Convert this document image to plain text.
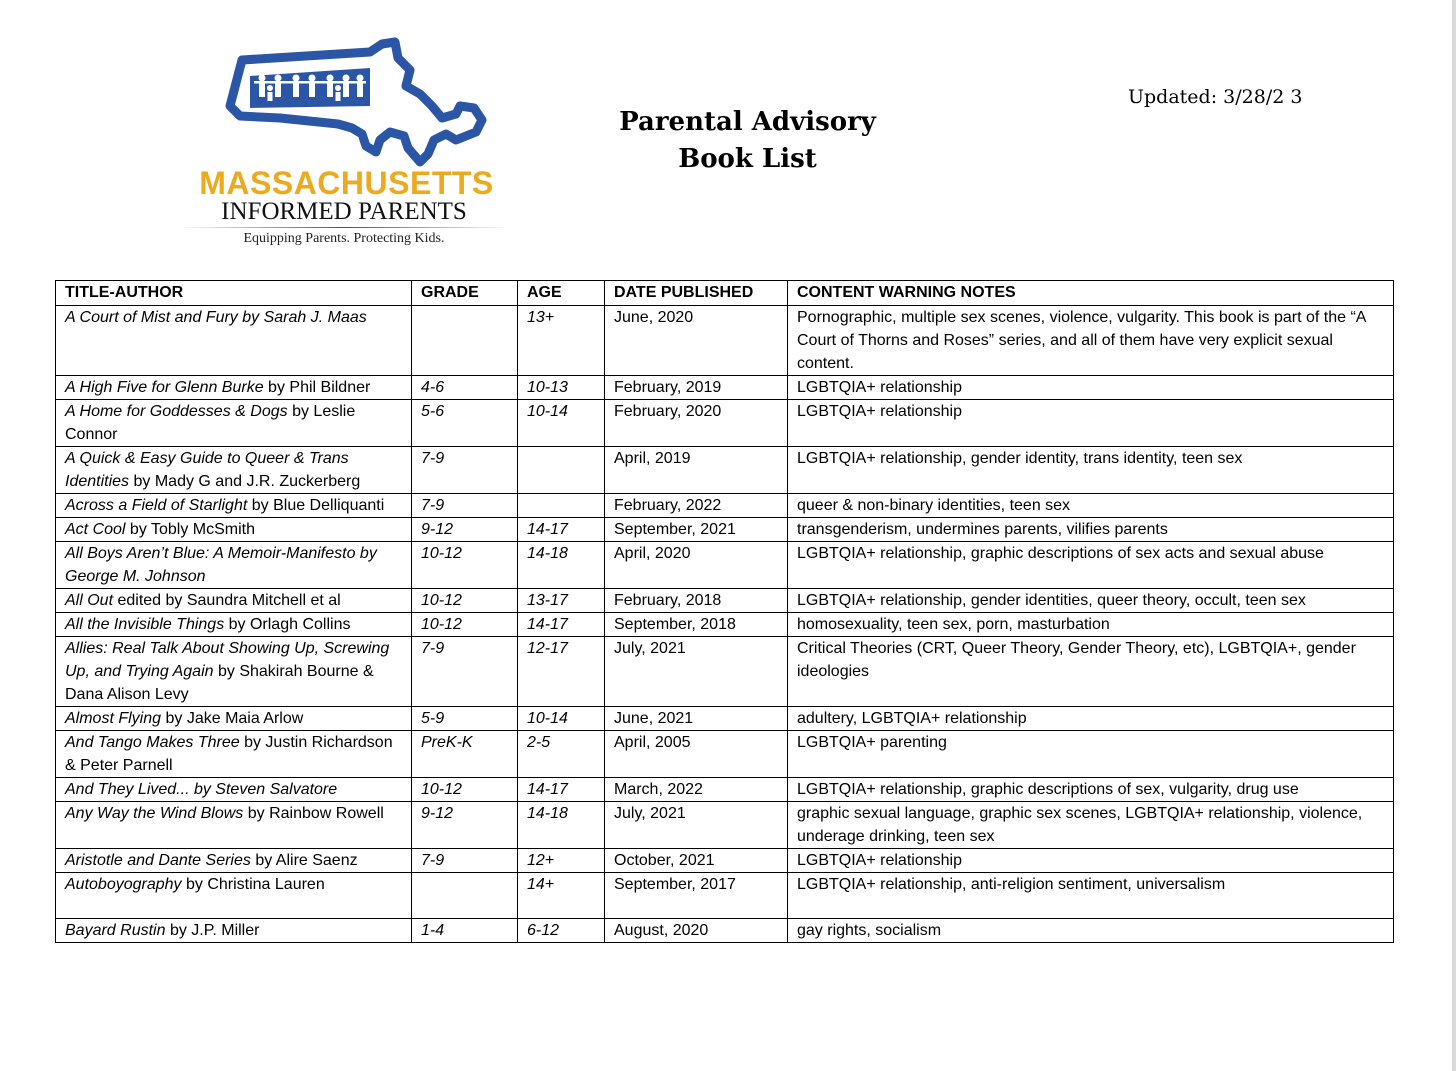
MASSACHUSETTS
INFORMED PARENTS
Equipping Parents. Protecting Kids.
Parental Advisory
Book List
Updated: 3/28/2 3
TITLE-AUTHOR	GRADE	AGE	DATE PUBLISHED	CONTENT WARNING NOTES
A Court of Mist and Fury by Sarah J. Maas		13+	June, 2020	Pornographic, multiple sex scenes, violence, vulgarity. This book is part of the “A Court of Thorns and Roses” series, and all of them have very explicit sexual content.
A High Five for Glenn Burke by Phil Bildner	4-6	10-13	February, 2019	LGBTQIA+ relationship
A Home for Goddesses & Dogs by Leslie Connor	5-6	10-14	February, 2020	LGBTQIA+ relationship
A Quick & Easy Guide to Queer & Trans Identities by Mady G and J.R. Zuckerberg	7-9		April, 2019	LGBTQIA+ relationship, gender identity, trans identity, teen sex
Across a Field of Starlight by Blue Delliquanti	7-9		February, 2022	queer & non-binary identities, teen sex
Act Cool by Tobly McSmith	9-12	14-17	September, 2021	transgenderism, undermines parents, vilifies parents
All Boys Aren’t Blue: A Memoir-Manifesto by George M. Johnson	10-12	14-18	April, 2020	LGBTQIA+ relationship, graphic descriptions of sex acts and sexual abuse
All Out edited by Saundra Mitchell et al	10-12	13-17	February, 2018	LGBTQIA+ relationship, gender identities, queer theory, occult, teen sex
All the Invisible Things by Orlagh Collins	10-12	14-17	September, 2018	homosexuality, teen sex, porn, masturbation
Allies: Real Talk About Showing Up, Screwing Up, and Trying Again by Shakirah Bourne & Dana Alison Levy	7-9	12-17	July, 2021	Critical Theories (CRT, Queer Theory, Gender Theory, etc), LGBTQIA+, gender ideologies
Almost Flying by Jake Maia Arlow	5-9	10-14	June, 2021	adultery, LGBTQIA+ relationship
And Tango Makes Three by Justin Richardson & Peter Parnell	PreK-K	2-5	April, 2005	LGBTQIA+ parenting
And They Lived... by Steven Salvatore	10-12	14-17	March, 2022	LGBTQIA+ relationship, graphic descriptions of sex, vulgarity, drug use
Any Way the Wind Blows by Rainbow Rowell	9-12	14-18	July, 2021	graphic sexual language, graphic sex scenes, LGBTQIA+ relationship, violence, underage drinking, teen sex
Aristotle and Dante Series by Alire Saenz	7-9	12+	October, 2021	LGBTQIA+ relationship
Autoboyography by Christina Lauren		14+	September, 2017	LGBTQIA+ relationship, anti-religion sentiment, universalism
Bayard Rustin by J.P. Miller	1-4	6-12	August, 2020	gay rights, socialism
